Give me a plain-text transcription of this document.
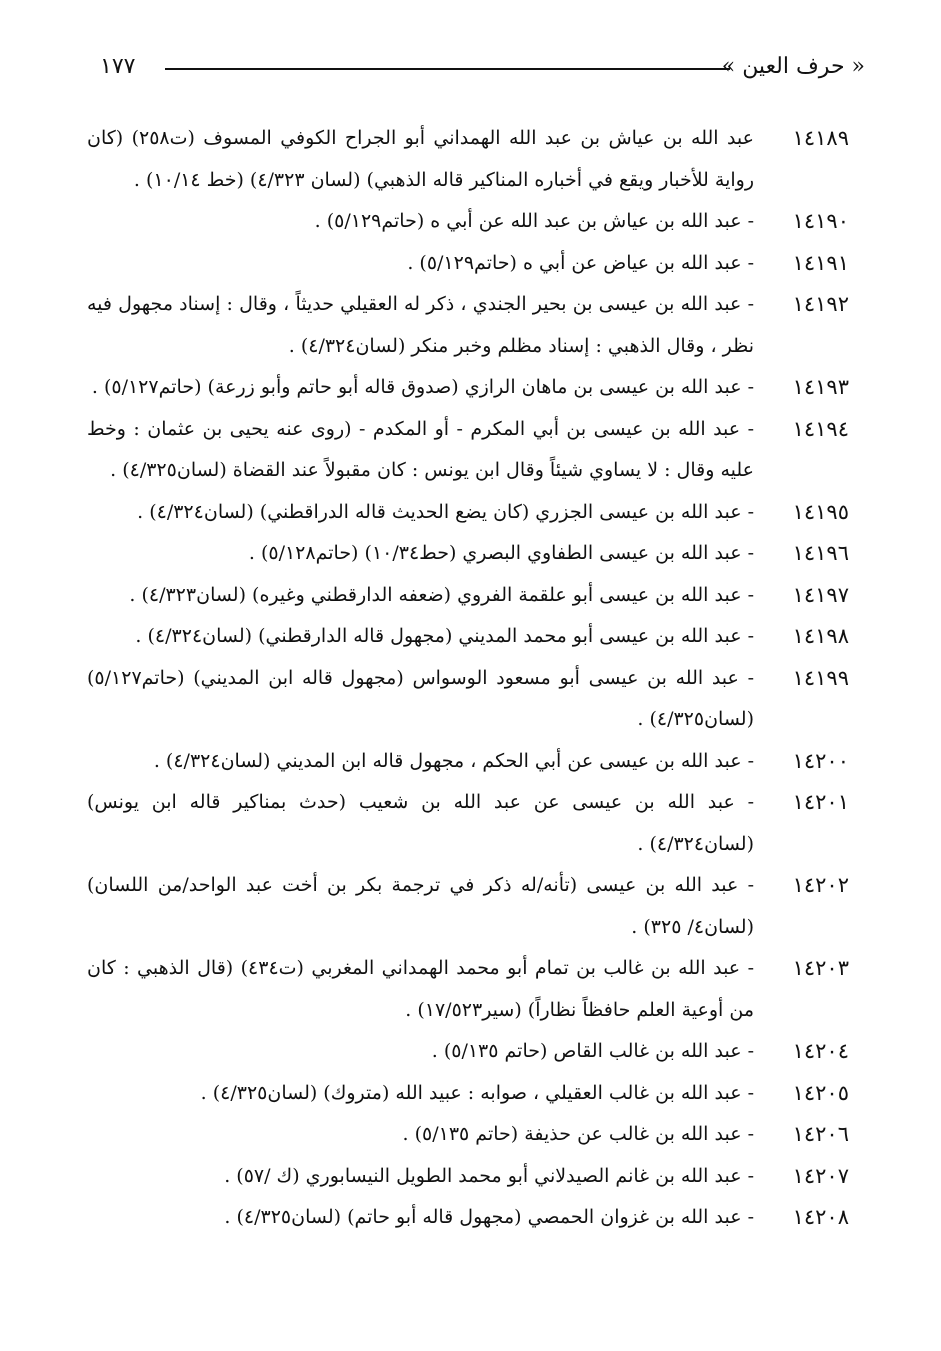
« حرف العين »
١٧٧
١٤١٨٩
عبد الله بن عياش بن عبد الله الهمداني أبو الجراح الكوفي المسوف (ت٢٥٨) (كان رواية للأخبار ويقع في أخباره المناكير قاله الذهبي) (لسان ٤/٣٢٣) (خط ١٠/١٤) .
١٤١٩٠
- عبد الله بن عياش بن عبد الله عن أبي ه (حاتم٥/١٢٩) .
١٤١٩١
- عبد الله بن عياض عن أبي ه (حاتم٥/١٢٩) .
١٤١٩٢
- عبد الله بن عيسى بن بحير الجندي ، ذكر له العقيلي حديثاً ، وقال : إسناد مجهول فيه نظر ، وقال الذهبي : إسناد مظلم وخبر منكر (لسان٤/٣٢٤) .
١٤١٩٣
- عبد الله بن عيسى بن ماهان الرازي (صدوق قاله أبو حاتم وأبو زرعة) (حاتم٥/١٢٧) .
١٤١٩٤
- عبد الله بن عيسى بن أبي المكرم - أو المكدم - (روى عنه يحيى بن عثمان : وخط عليه وقال : لا يساوي شيئاً وقال ابن يونس : كان مقبولاً عند القضاة (لسان٤/٣٢٥) .
١٤١٩٥
- عبد الله بن عيسى الجزري (كان يضع الحديث قاله الدراقطني) (لسان٤/٣٢٤) .
١٤١٩٦
- عبد الله بن عيسى الطفاوي البصري (حط١٠/٣٤) (حاتم٥/١٢٨) .
١٤١٩٧
- عبد الله بن عيسى أبو علقمة الفروي (ضعفه الدارقطني وغيره) (لسان٤/٣٢٣) .
١٤١٩٨
- عبد الله بن عيسى أبو محمد المديني (مجهول قاله الدارقطني) (لسان٤/٣٢٤) .
١٤١٩٩
- عبد الله بن عيسى أبو مسعود الوسواس (مجهول قاله ابن المديني) (حاتم٥/١٢٧) (لسان٤/٣٢٥) .
١٤٢٠٠
- عبد الله بن عيسى عن أبي الحكم ، مجهول قاله ابن المديني (لسان٤/٣٢٤) .
١٤٢٠١
- عبد الله بن عيسى عن عبد الله بن شعيب (حدث بمناكير قاله ابن يونس) (لسان٤/٣٢٤) .
١٤٢٠٢
- عبد الله بن عيسى (تأنه/له ذكر في ترجمة بكر بن أخت عبد الواحد/من اللسان) (لسان٤/ ٣٢٥) .
١٤٢٠٣
- عبد الله بن غالب بن تمام أبو محمد الهمداني المغربي (ت٤٣٤) (قال الذهبي : كان من أوعية العلم حافظاً نظاراً) (سير١٧/٥٢٣) .
١٤٢٠٤
- عبد الله بن غالب القاص (حاتم ٥/١٣٥) .
١٤٢٠٥
- عبد الله بن غالب العقيلي ، صوابه : عبيد الله (متروك) (لسان٤/٣٢٥) .
١٤٢٠٦
- عبد الله بن غالب عن حذيفة (حاتم ٥/١٣٥) .
١٤٢٠٧
- عبد الله بن غانم الصيدلاني أبو محمد الطويل النيسابوري (ك /٥٧) .
١٤٢٠٨
- عبد الله بن غزوان الحمصي (مجهول قاله أبو حاتم) (لسان٤/٣٢٥) .
